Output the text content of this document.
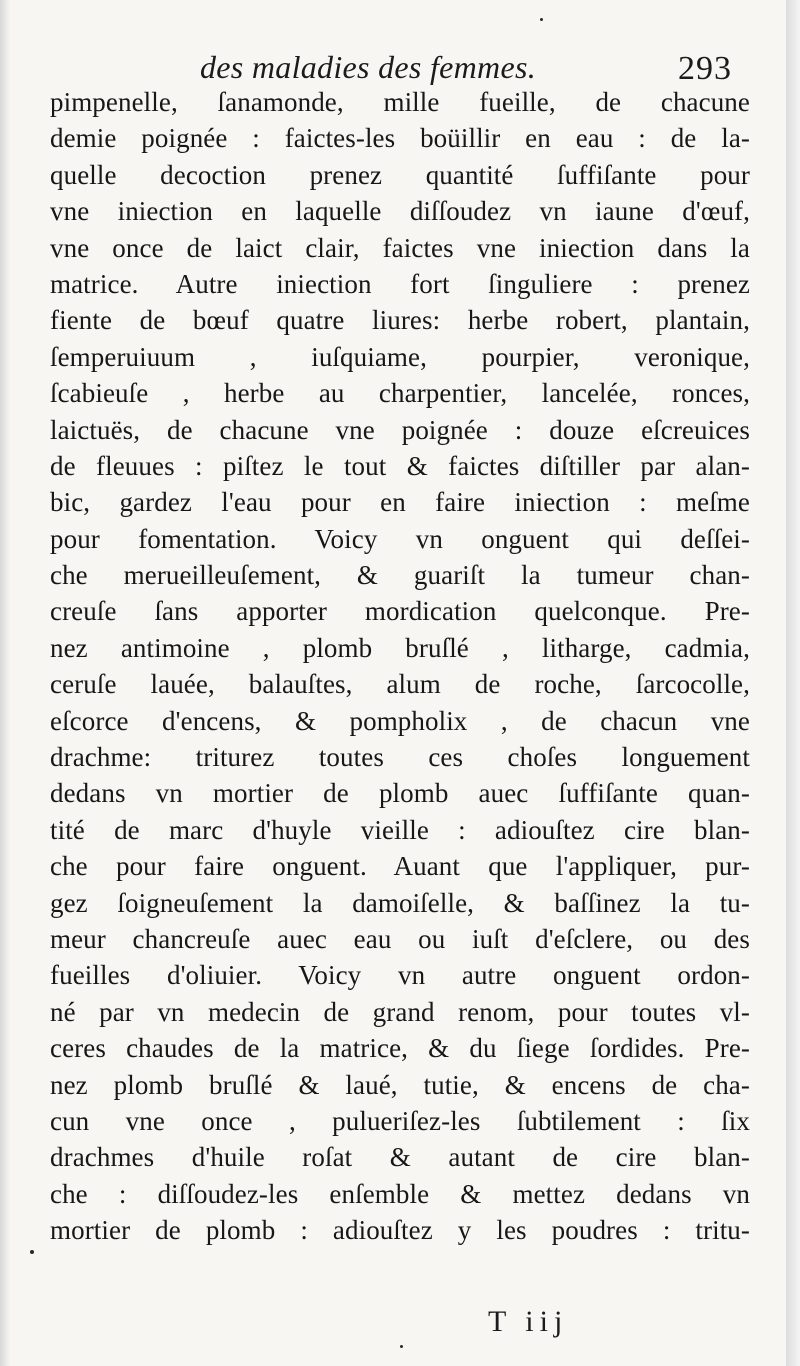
des maladies des femmes.	293
pimpenelle, ſanamonde, mille fueille, de chacune
demie poignée : faictes-les boüillir en eau : de la-
quelle decoction prenez quantité ſuffiſante pour
vne iniection en laquelle diſſoudez vn iaune d'œuf,
vne once de laict clair, faictes vne iniection dans la
matrice. Autre iniection fort ſinguliere : prenez
fiente de bœuf quatre liures: herbe robert, plantain,
ſemperuiuum , iuſquiame, pourpier, veronique,
ſcabieuſe , herbe au charpentier, lancelée, ronces,
laictuës, de chacune vne poignée : douze eſcreuices
de fleuues : piſtez le tout & faictes diſtiller par alan-
bic, gardez l'eau pour en faire iniection : meſme
pour fomentation. Voicy vn onguent qui deſſei-
che merueilleuſement, & guariſt la tumeur chan-
creuſe ſans apporter mordication quelconque. Pre-
nez antimoine , plomb bruſlé , litharge, cadmia,
ceruſe lauée, balauſtes, alum de roche, ſarcocolle,
eſcorce d'encens, & pompholix , de chacun vne
drachme: triturez toutes ces choſes longuement
dedans vn mortier de plomb auec ſuffiſante quan-
tité de marc d'huyle vieille : adiouſtez cire blan-
che pour faire onguent. Auant que l'appliquer, pur-
gez ſoigneuſement la damoiſelle, & baſſinez la tu-
meur chancreuſe auec eau ou iuſt d'eſclere, ou des
fueilles d'oliuier. Voicy vn autre onguent ordon-
né par vn medecin de grand renom, pour toutes vl-
ceres chaudes de la matrice, & du ſiege ſordides. Pre-
nez plomb bruſlé & laué, tutie, & encens de cha-
cun vne once , pulueriſez-les ſubtilement : ſix
drachmes d'huile roſat & autant de cire blan-
che : diſſoudez-les enſemble & mettez dedans vn
mortier de plomb : adiouſtez y les poudres : tritu-
T iij
